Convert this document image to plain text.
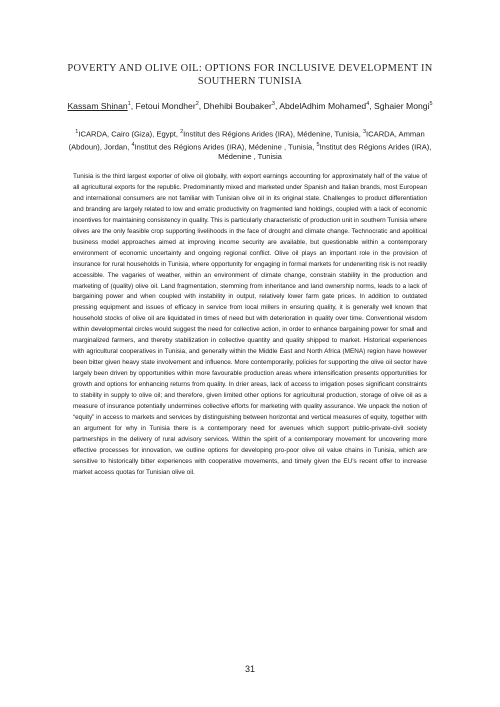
POVERTY AND OLIVE OIL: OPTIONS FOR INCLUSIVE DEVELOPMENT IN SOUTHERN TUNISIA
Kassam Shinan$^1$, Fetoui Mondher$^2$, Dhehibi Boubaker$^3$, AbdelAdhim Mohamed$^4$, Sghaier Mongi$^5$
$^1$ICARDA, Cairo (Giza), Egypt, $^2$Institut des Régions Arides (IRA), Médenine, Tunisia, $^3$ICARDA, Amman (Abdoun), Jordan, $^4$Institut des Régions Arides (IRA), Médenine , Tunisia, $^5$Institut des Régions Arides (IRA), Médenine , Tunisia
Tunisia is the third largest exporter of olive oil globally, with export earnings accounting for approximately half of the value of all agricultural exports for the republic. Predominantly mixed and marketed under Spanish and Italian brands, most European and international consumers are not familiar with Tunisian olive oil in its original state. Challenges to product differentiation and branding are largely related to low and erratic productivity on fragmented land holdings, coupled with a lack of economic incentives for maintaining consistency in quality. This is particularly characteristic of production unit in southern Tunisia where olives are the only feasible crop supporting livelihoods in the face of drought and climate change. Technocratic and apolitical business model approaches aimed at improving income security are available, but questionable within a contemporary environment of economic uncertainty and ongoing regional conflict. Olive oil plays an important role in the provision of insurance for rural households in Tunisia, where opportunity for engaging in formal markets for underwriting risk is not readily accessible. The vagaries of weather, within an environment of climate change, constrain stability in the production and marketing of (quality) olive oil. Land fragmentation, stemming from inheritance and land ownership norms, leads to a lack of bargaining power and when coupled with instability in output, relatively lower farm gate prices. In addition to outdated pressing equipment and issues of efficacy in service from local millers in ensuring quality, it is generally well known that household stocks of olive oil are liquidated in times of need but with deterioration in quality over time. Conventional wisdom within developmental circles would suggest the need for collective action, in order to enhance bargaining power for small and marginalized farmers, and thereby stabilization in collective quantity and quality shipped to market. Historical experiences with agricultural cooperatives in Tunisia, and generally within the Middle East and North Africa (MENA) region have however been bitter given heavy state involvement and influence. More contemporarily, policies for supporting the olive oil sector have largely been driven by opportunities within more favourable production areas where intensification presents opportunities for growth and options for enhancing returns from quality. In drier areas, lack of access to irrigation poses significant constraints to stability in supply to olive oil; and therefore, given limited other options for agricultural production, storage of olive oil as a measure of insurance potentially undermines collective efforts for marketing with quality assurance. We unpack the notion of “equity” in access to markets and services by distinguishing between horizontal and vertical measures of equity, together with an argument for why in Tunisia there is a contemporary need for avenues which support public-private-civil society partnerships in the delivery of rural advisory services. Within the spirit of a contemporary movement for uncovering more effective processes for innovation, we outline options for developing pro-poor olive oil value chains in Tunisia, which are sensitive to historically bitter experiences with cooperative movements, and timely given the EU’s recent offer to increase market access quotas for Tunisian olive oil.
31
